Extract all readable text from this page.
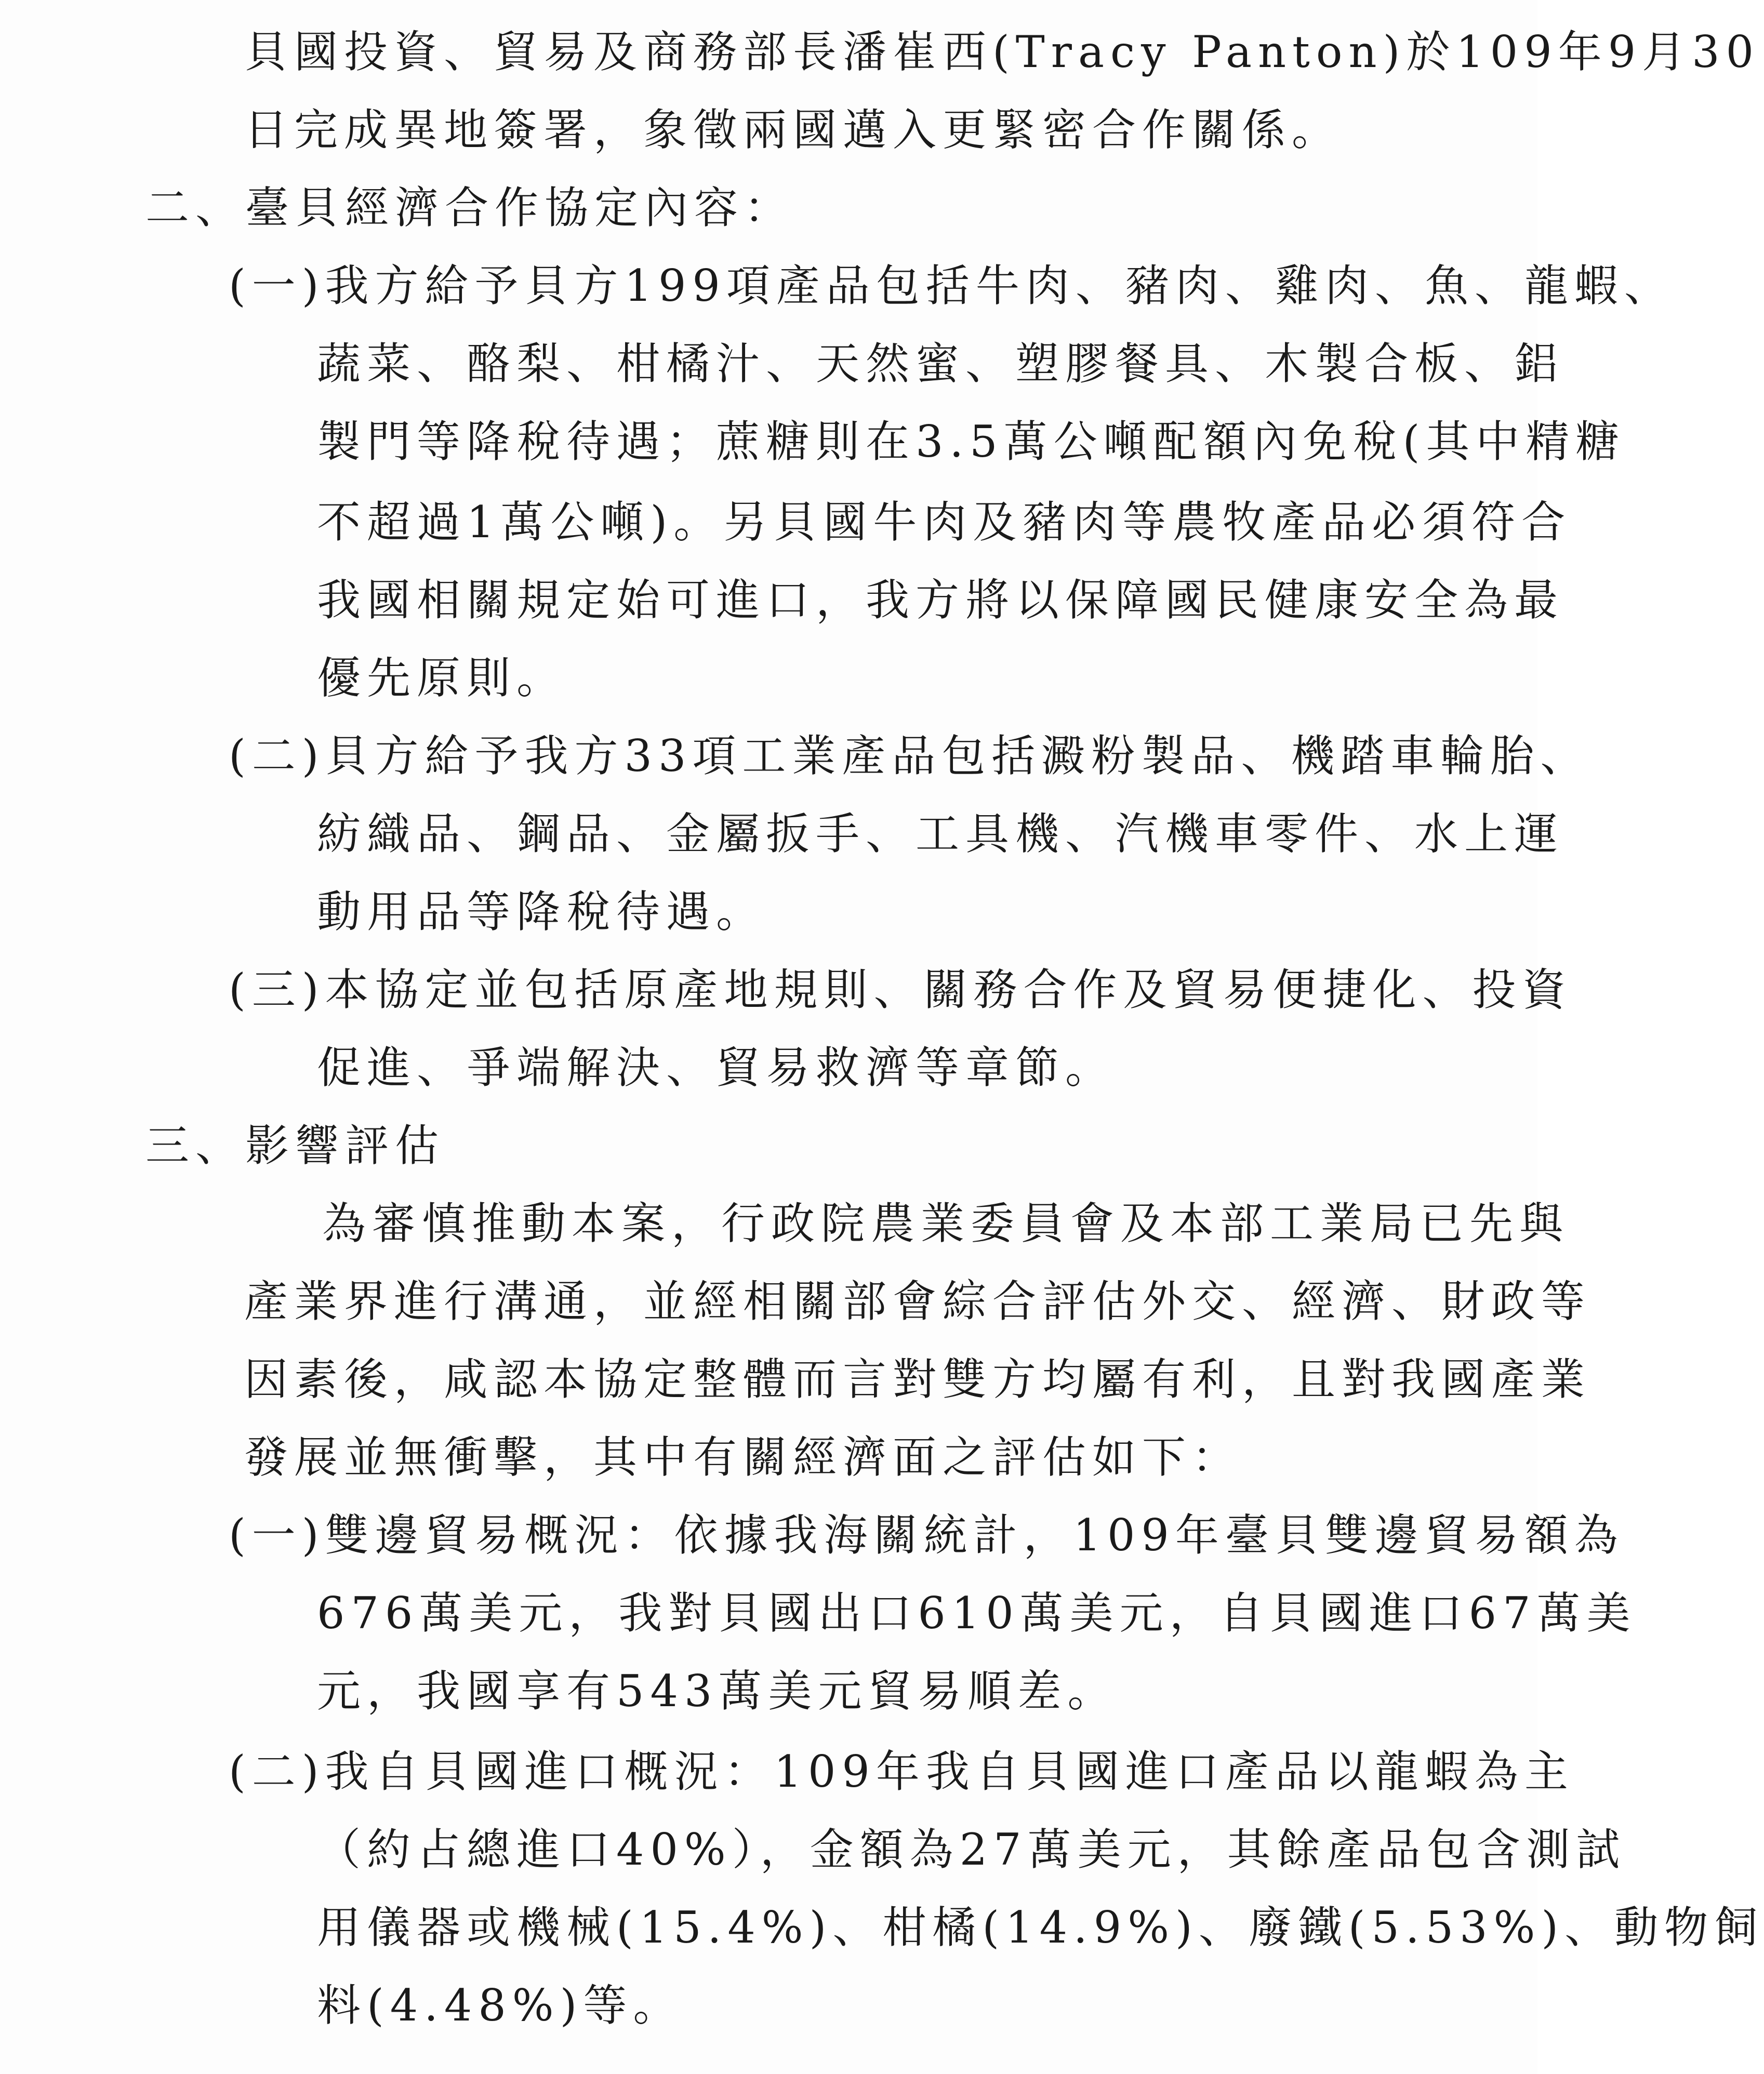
貝國投資、貿易及商務部長潘崔西(Tracy Panton)於109年9月30
日完成異地簽署，象徵兩國邁入更緊密合作關係。
二、臺貝經濟合作協定內容：
(一)我方給予貝方199項產品包括牛肉、豬肉、雞肉、魚、龍蝦、
蔬菜、酪梨、柑橘汁、天然蜜、塑膠餐具、木製合板、鋁
製門等降稅待遇；蔗糖則在3.5萬公噸配額內免稅(其中精糖
不超過1萬公噸)。另貝國牛肉及豬肉等農牧產品必須符合
我國相關規定始可進口，我方將以保障國民健康安全為最
優先原則。
(二)貝方給予我方33項工業產品包括澱粉製品、機踏車輪胎、
紡織品、鋼品、金屬扳手、工具機、汽機車零件、水上運
動用品等降稅待遇。
(三)本協定並包括原產地規則、關務合作及貿易便捷化、投資
促進、爭端解決、貿易救濟等章節。
三、影響評估
為審慎推動本案，行政院農業委員會及本部工業局已先與
產業界進行溝通，並經相關部會綜合評估外交、經濟、財政等
因素後，咸認本協定整體而言對雙方均屬有利，且對我國產業
發展並無衝擊，其中有關經濟面之評估如下：
(一)雙邊貿易概況：依據我海關統計，109年臺貝雙邊貿易額為
676萬美元，我對貝國出口610萬美元，自貝國進口67萬美
元，我國享有543萬美元貿易順差。
(二)我自貝國進口概況：109年我自貝國進口產品以龍蝦為主
（約占總進口40%），金額為27萬美元，其餘產品包含測試
用儀器或機械(15.4%)、柑橘(14.9%)、廢鐵(5.53%)、動物飼
料(4.48%)等。
